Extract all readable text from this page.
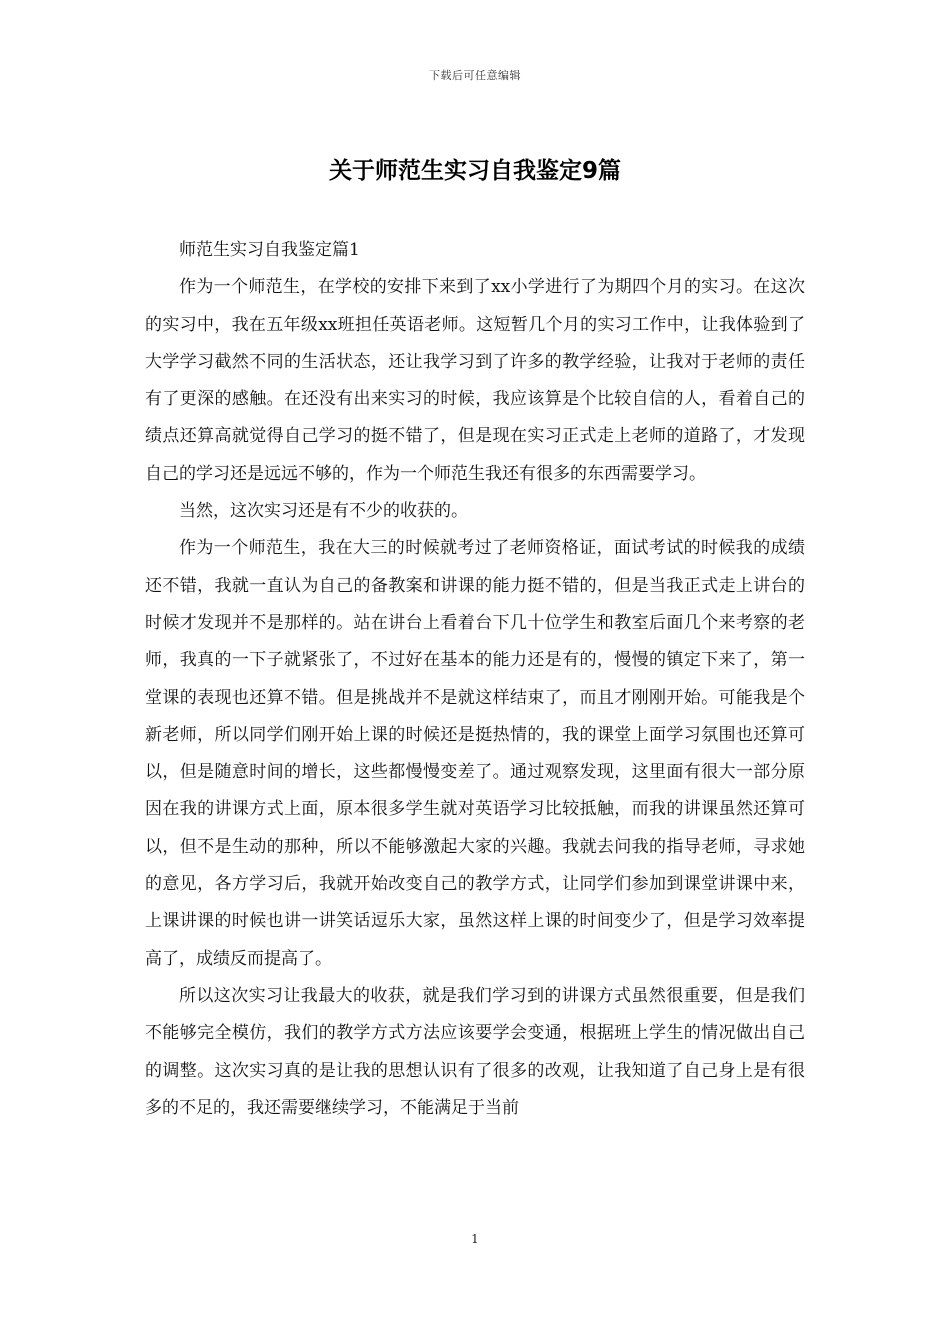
下载后可任意编辑
关于师范生实习自我鉴定9篇

师范生实习自我鉴定篇1

作为一个师范生，在学校的安排下来到了xx小学进行了为期四个月的实习。在这次的实习中，我在五年级xx班担任英语老师。这短暂几个月的实习工作中，让我体验到了大学学习截然不同的生活状态，还让我学习到了许多的教学经验，让我对于老师的责任有了更深的感触。在还没有出来实习的时候，我应该算是个比较自信的人，看着自己的绩点还算高就觉得自己学习的挺不错了，但是现在实习正式走上老师的道路了，才发现自己的学习还是远远不够的，作为一个师范生我还有很多的东西需要学习。

当然，这次实习还是有不少的收获的。

作为一个师范生，我在大三的时候就考过了老师资格证，面试考试的时候我的成绩还不错，我就一直认为自己的备教案和讲课的能力挺不错的，但是当我正式走上讲台的时候才发现并不是那样的。站在讲台上看着台下几十位学生和教室后面几个来考察的老师，我真的一下子就紧张了，不过好在基本的能力还是有的，慢慢的镇定下来了，第一堂课的表现也还算不错。但是挑战并不是就这样结束了，而且才刚刚开始。可能我是个新老师，所以同学们刚开始上课的时候还是挺热情的，我的课堂上面学习氛围也还算可以，但是随意时间的增长，这些都慢慢变差了。通过观察发现，这里面有很大一部分原因在我的讲课方式上面，原本很多学生就对英语学习比较抵触，而我的讲课虽然还算可以，但不是生动的那种，所以不能够激起大家的兴趣。我就去问我的指导老师，寻求她的意见，各方学习后，我就开始改变自己的教学方式，让同学们参加到课堂讲课中来，上课讲课的时候也讲一讲笑话逗乐大家，虽然这样上课的时间变少了，但是学习效率提高了，成绩反而提高了。

所以这次实习让我最大的收获，就是我们学习到的讲课方式虽然很重要，但是我们不能够完全模仿，我们的教学方式方法应该要学会变通，根据班上学生的情况做出自己的调整。这次实习真的是让我的思想认识有了很多的改观，让我知道了自己身上是有很多的不足的，我还需要继续学习，不能满足于当前

1
